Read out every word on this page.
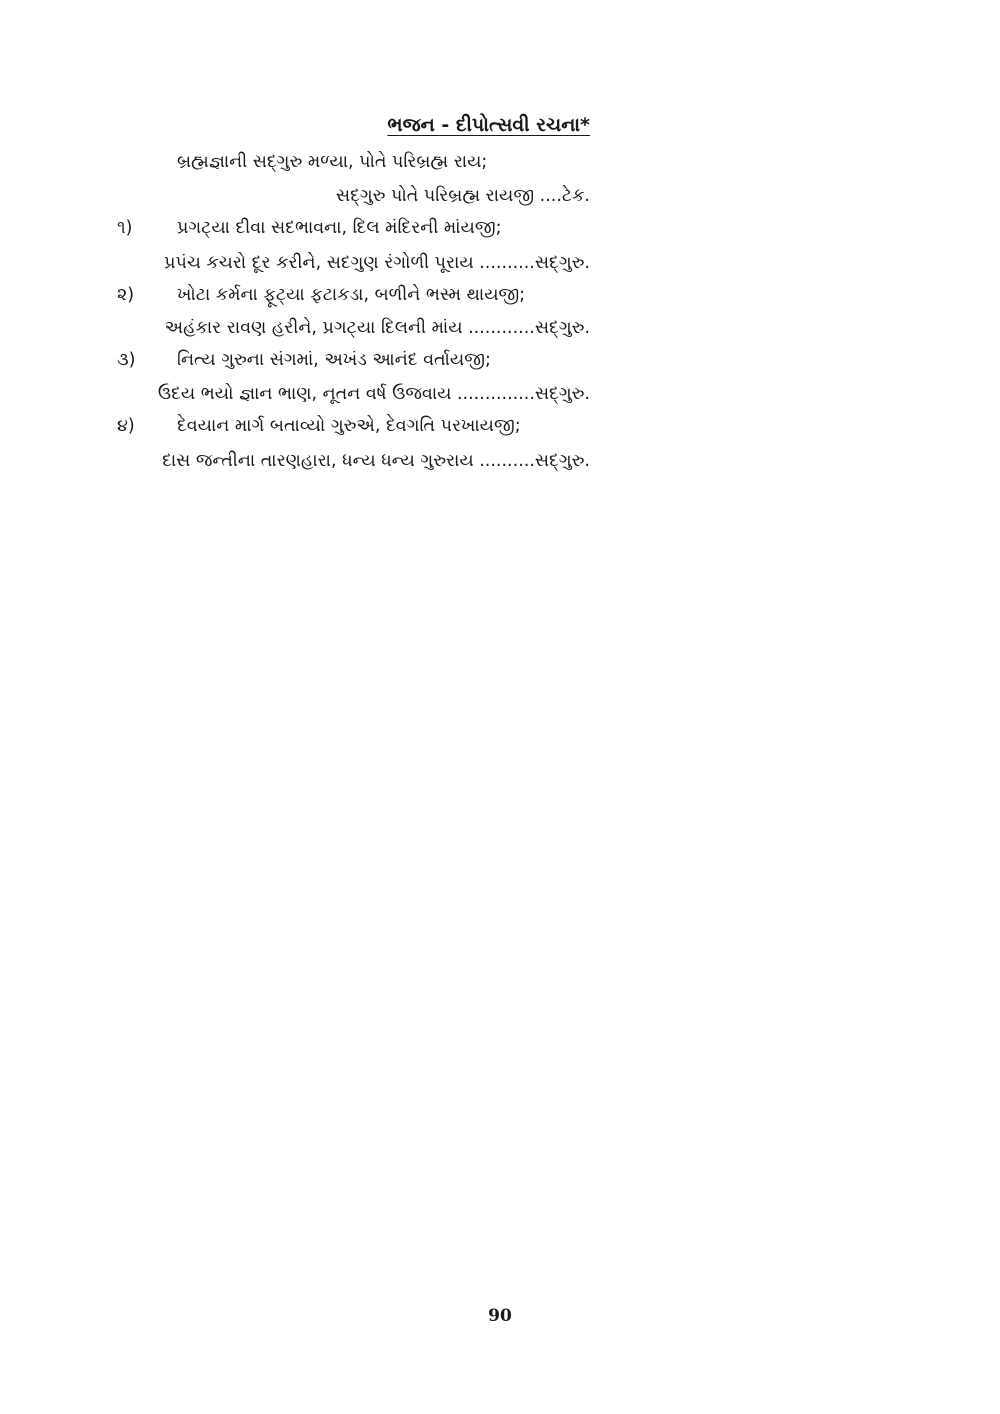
ભજન - દીપોત્સવી રચના*
બ્રહ્મજ્ઞાની સદ્‌ગુરુ મળ્યા, પોતે પરિબ્રહ્મ રાય;
સદ્‌ગુરુ પોતે પરિબ્રહ્મ રાયજી ....ટેક.
૧)	પ્રગટ્યા દીવા સદભાવના, દિલ મંદિરની માંયજી;
પ્રપંચ કચરો દૂર કરીને, સદગુણ રંગોળી પૂરાય ..........સદ્‌ગુરુ.
૨) ખોટા કર્મના ફૂટ્યા ફટાકડા, બળીને ભસ્મ થાયજી;
અહંકાર રાવણ હરીને, પ્રગટ્યા દિલની માંય ............સદ્‌ગુરુ.
૩) નિત્ય ગુરુના સંગમાં, અખંડ આનંદ વર્તાયજી;
ઉદય ભયો જ્ઞાન ભાણ, નૂતન વર્ષ ઉજવાય ..............સદ્‌ગુરુ.
૪) દેવયાન માર્ગ બતાવ્યો ગુરુએ, દેવગતિ પરખાયજી;
દાસ જન્તીના તારણહારા, ધન્ય ધન્ય ગુરુરાય ..........સદ્‌ગુરુ.
90
